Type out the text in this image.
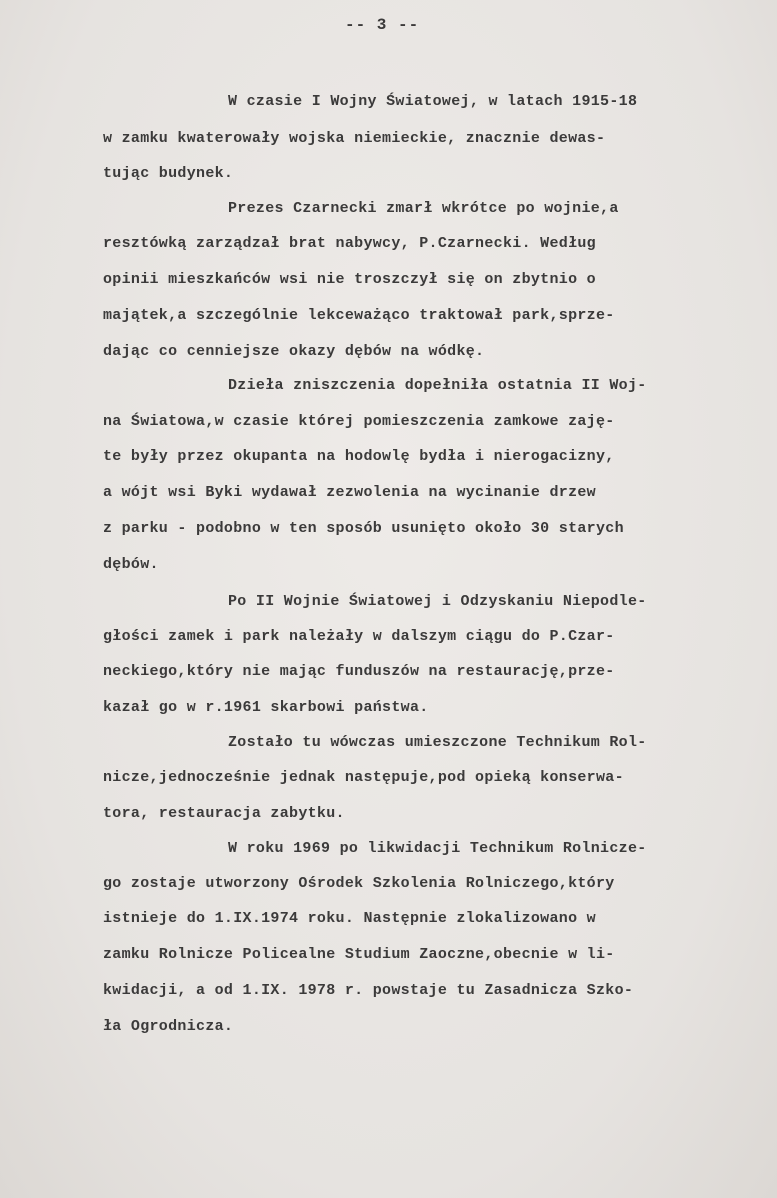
-- 3 --
W czasie I Wojny Światowej, w latach 1915-18
w zamku kwaterowały wojska niemieckie, znacznie dewas-
tując budynek.
Prezes Czarnecki zmarł wkrótce po wojnie,a
resztówką zarządzał brat nabywcy, P.Czarnecki. Według
opinii mieszkańców wsi nie troszczył się on zbytnio o
majątek,a szczególnie lekceważąco traktował park,sprze-
dając co cenniejsze okazy dębów na wódkę.
Dzieła zniszczenia dopełniła ostatnia II Woj-
na Światowa,w czasie której pomieszczenia zamkowe zaję-
te były przez okupanta na hodowlę bydła i nierogacizny,
a wójt wsi Byki wydawał zezwolenia na wycinanie drzew
z parku - podobno w ten sposób usunięto około 30 starych
dębów.
Po II Wojnie Światowej i Odzyskaniu Niepodle-
głości zamek i park należały w dalszym ciągu do P.Czar-
neckiego,który nie mając funduszów na restaurację,prze-
kazał go w r.1961 skarbowi państwa.
Zostało tu wówczas umieszczone Technikum Rol-
nicze,jednocześnie jednak następuje,pod opieką konserwa-
tora, restauracja zabytku.
W roku 1969 po likwidacji Technikum Rolnicze-
go zostaje utworzony Ośrodek Szkolenia Rolniczego,który
istnieje do 1.IX.1974 roku. Następnie zlokalizowano w
zamku Rolnicze Policealne Studium Zaoczne,obecnie w li-
kwidacji, a od 1.IX. 1978 r. powstaje tu Zasadnicza Szko-
ła Ogrodnicza.
